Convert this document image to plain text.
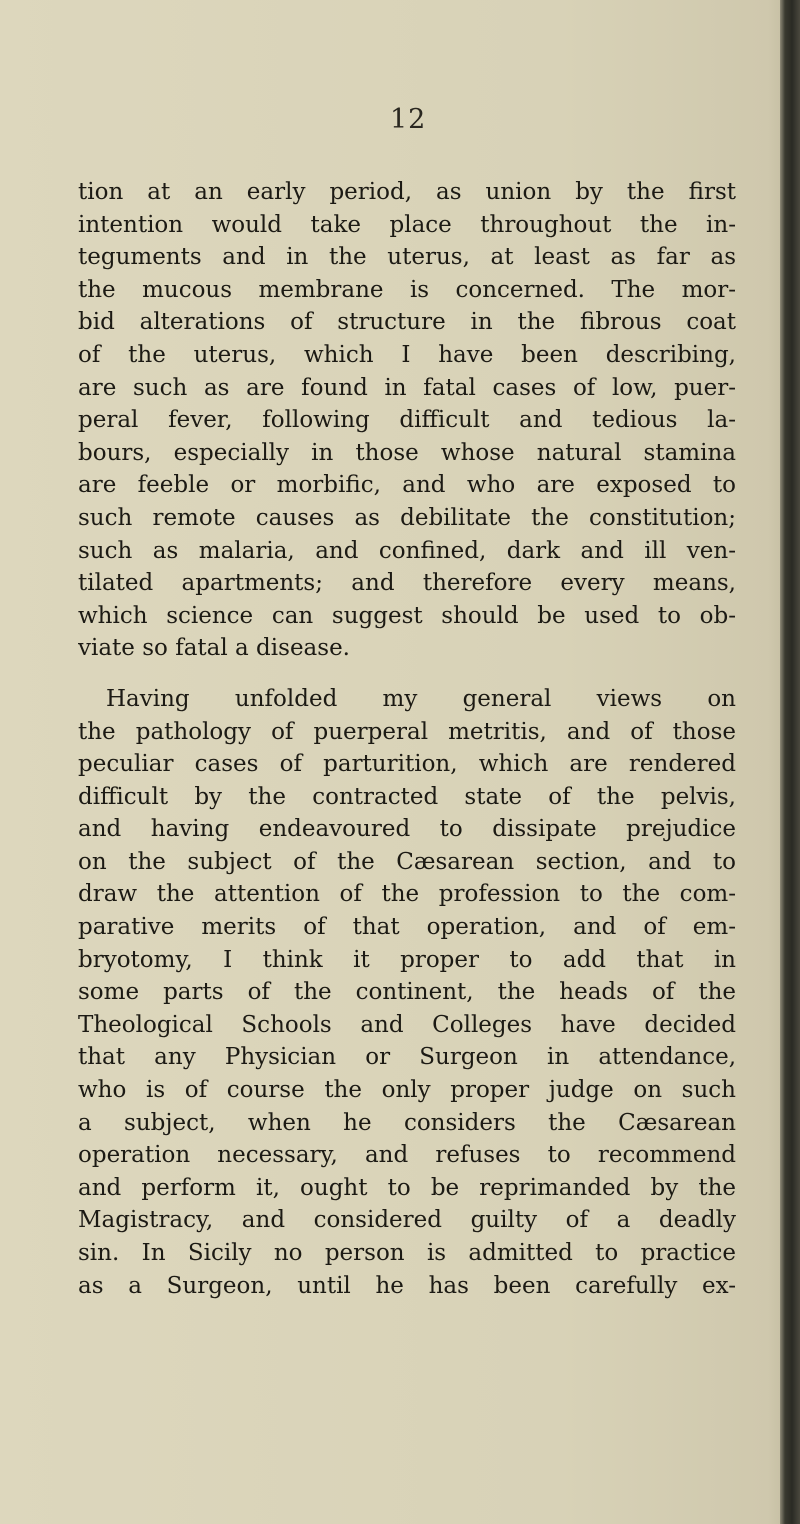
12
tion at an early period, as union by the first
intention would take place throughout the in-
teguments and in the uterus, at least as far as
the mucous membrane is concerned. The mor-
bid alterations of structure in the fibrous coat
of the uterus, which I have been describing,
are such as are found in fatal cases of low, puer-
peral fever, following difficult and tedious la-
bours, especially in those whose natural stamina
are feeble or morbific, and who are exposed to
such remote causes as debilitate the constitution;
such as malaria, and confined, dark and ill ven-
tilated apartments; and therefore every means,
which science can suggest should be used to ob-
viate so fatal a disease.
Having unfolded my general views on
the pathology of puerperal metritis, and of those
peculiar cases of parturition, which are rendered
difficult by the contracted state of the pelvis,
and having endeavoured to dissipate prejudice
on the subject of the Cæsarean section, and to
draw the attention of the profession to the com-
parative merits of that operation, and of em-
bryotomy, I think it proper to add that in
some parts of the continent, the heads of the
Theological Schools and Colleges have decided
that any Physician or Surgeon in attendance,
who is of course the only proper judge on such
a subject, when he considers the Cæsarean
operation necessary, and refuses to recommend
and perform it, ought to be reprimanded by the
Magistracy, and considered guilty of a deadly
sin. In Sicily no person is admitted to practice
as a Surgeon, until he has been carefully ex-
